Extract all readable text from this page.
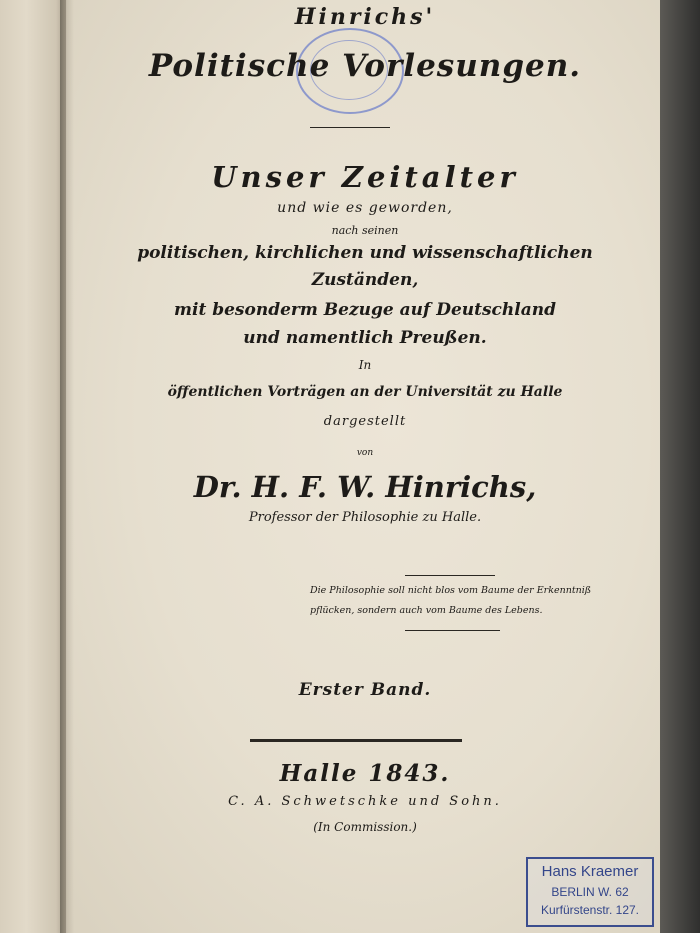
Hinrichs'
Politische Vorlesungen.
Unser Zeitalter
und wie es geworden,
nach seinen
politischen, kirchlichen und wissenschaftlichen
Zuständen,
mit besonderm Bezuge auf Deutschland
und namentlich Preußen.
In
öffentlichen Vorträgen an der Universität zu Halle
dargestellt
von
Dr. H. F. W. Hinrichs,
Professor der Philosophie zu Halle.
Die Philosophie soll nicht blos vom Baume der Erkenntniß
pflücken, sondern auch vom Baume des Lebens.
Erster Band.
Halle 1843.
C. A. Schwetschke und Sohn.
(In Commission.)
Hans Kraemer
BERLIN W. 62
Kurfürstenstr. 127.
